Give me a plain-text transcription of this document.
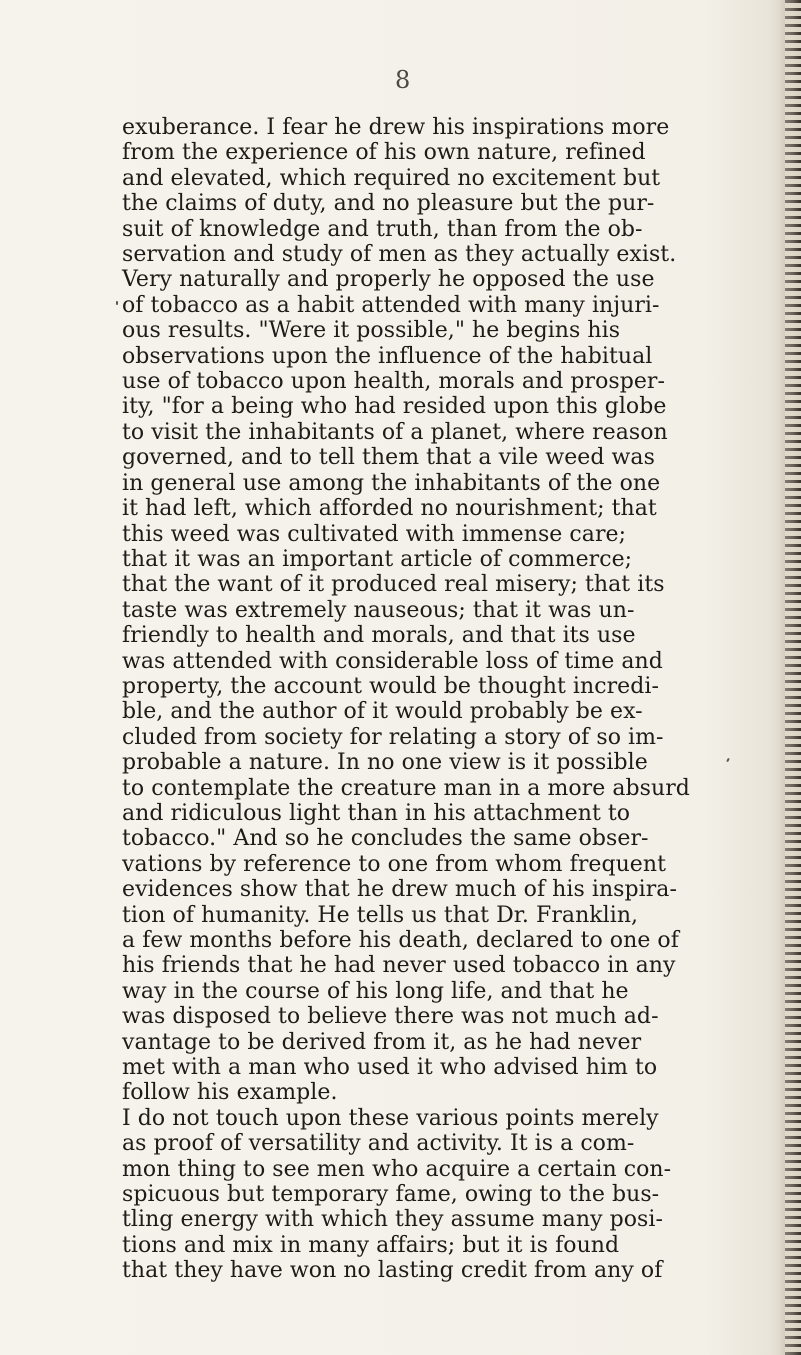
8
exuberance. I fear he drew his inspirations more
from the experience of his own nature, refined
and elevated, which required no excitement but
the claims of duty, and no pleasure but the pur-
suit of knowledge and truth, than from the ob-
servation and study of men as they actually exist.
Very naturally and properly he opposed the use
of tobacco as a habit attended with many injuri-
ous results. "Were it possible," he begins his
observations upon the influence of the habitual
use of tobacco upon health, morals and prosper-
ity, "for a being who had resided upon this globe
to visit the inhabitants of a planet, where reason
governed, and to tell them that a vile weed was
in general use among the inhabitants of the one
it had left, which afforded no nourishment; that
this weed was cultivated with immense care;
that it was an important article of commerce;
that the want of it produced real misery; that its
taste was extremely nauseous; that it was un-
friendly to health and morals, and that its use
was attended with considerable loss of time and
property, the account would be thought incredi-
ble, and the author of it would probably be ex-
cluded from society for relating a story of so im-
probable a nature. In no one view is it possible
to contemplate the creature man in a more absurd
and ridiculous light than in his attachment to
tobacco." And so he concludes the same obser-
vations by reference to one from whom frequent
evidences show that he drew much of his inspira-
tion of humanity. He tells us that Dr. Franklin,
a few months before his death, declared to one of
his friends that he had never used tobacco in any
way in the course of his long life, and that he
was disposed to believe there was not much ad-
vantage to be derived from it, as he had never
met with a man who used it who advised him to
follow his example.
I do not touch upon these various points merely
as proof of versatility and activity. It is a com-
mon thing to see men who acquire a certain con-
spicuous but temporary fame, owing to the bus-
tling energy with which they assume many posi-
tions and mix in many affairs; but it is found
that they have won no lasting credit from any of
